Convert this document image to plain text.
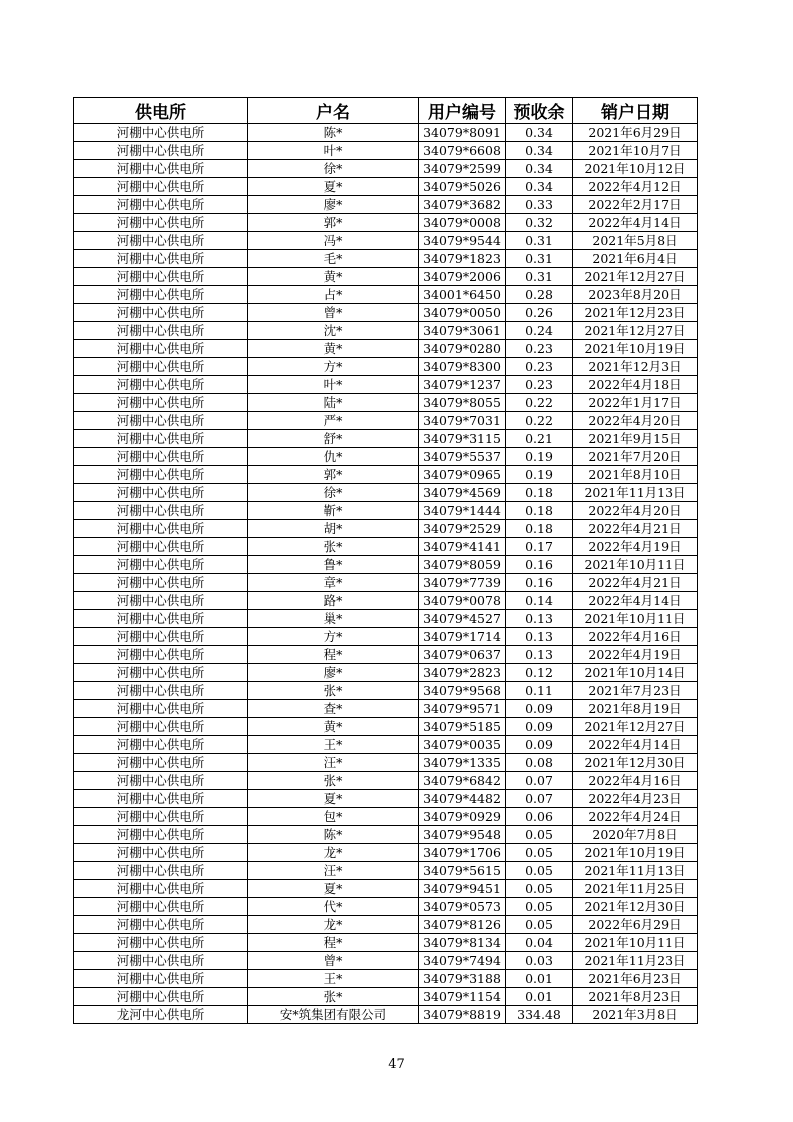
供电所	户名	用户编号	预收余	销户日期
河棚中心供电所	陈*	34079*8091	0.34	2021年6月29日
河棚中心供电所	叶*	34079*6608	0.34	2021年10月7日
河棚中心供电所	徐*	34079*2599	0.34	2021年10月12日
河棚中心供电所	夏*	34079*5026	0.34	2022年4月12日
河棚中心供电所	廖*	34079*3682	0.33	2022年2月17日
河棚中心供电所	郭*	34079*0008	0.32	2022年4月14日
河棚中心供电所	冯*	34079*9544	0.31	2021年5月8日
河棚中心供电所	毛*	34079*1823	0.31	2021年6月4日
河棚中心供电所	黄*	34079*2006	0.31	2021年12月27日
河棚中心供电所	占*	34001*6450	0.28	2023年8月20日
河棚中心供电所	曾*	34079*0050	0.26	2021年12月23日
河棚中心供电所	沈*	34079*3061	0.24	2021年12月27日
河棚中心供电所	黄*	34079*0280	0.23	2021年10月19日
河棚中心供电所	方*	34079*8300	0.23	2021年12月3日
河棚中心供电所	叶*	34079*1237	0.23	2022年4月18日
河棚中心供电所	陆*	34079*8055	0.22	2022年1月17日
河棚中心供电所	严*	34079*7031	0.22	2022年4月20日
河棚中心供电所	舒*	34079*3115	0.21	2021年9月15日
河棚中心供电所	仇*	34079*5537	0.19	2021年7月20日
河棚中心供电所	郭*	34079*0965	0.19	2021年8月10日
河棚中心供电所	徐*	34079*4569	0.18	2021年11月13日
河棚中心供电所	靳*	34079*1444	0.18	2022年4月20日
河棚中心供电所	胡*	34079*2529	0.18	2022年4月21日
河棚中心供电所	张*	34079*4141	0.17	2022年4月19日
河棚中心供电所	鲁*	34079*8059	0.16	2021年10月11日
河棚中心供电所	章*	34079*7739	0.16	2022年4月21日
河棚中心供电所	路*	34079*0078	0.14	2022年4月14日
河棚中心供电所	巢*	34079*4527	0.13	2021年10月11日
河棚中心供电所	方*	34079*1714	0.13	2022年4月16日
河棚中心供电所	程*	34079*0637	0.13	2022年4月19日
河棚中心供电所	廖*	34079*2823	0.12	2021年10月14日
河棚中心供电所	张*	34079*9568	0.11	2021年7月23日
河棚中心供电所	查*	34079*9571	0.09	2021年8月19日
河棚中心供电所	黄*	34079*5185	0.09	2021年12月27日
河棚中心供电所	王*	34079*0035	0.09	2022年4月14日
河棚中心供电所	汪*	34079*1335	0.08	2021年12月30日
河棚中心供电所	张*	34079*6842	0.07	2022年4月16日
河棚中心供电所	夏*	34079*4482	0.07	2022年4月23日
河棚中心供电所	包*	34079*0929	0.06	2022年4月24日
河棚中心供电所	陈*	34079*9548	0.05	2020年7月8日
河棚中心供电所	龙*	34079*1706	0.05	2021年10月19日
河棚中心供电所	汪*	34079*5615	0.05	2021年11月13日
河棚中心供电所	夏*	34079*9451	0.05	2021年11月25日
河棚中心供电所	代*	34079*0573	0.05	2021年12月30日
河棚中心供电所	龙*	34079*8126	0.05	2022年6月29日
河棚中心供电所	程*	34079*8134	0.04	2021年10月11日
河棚中心供电所	曾*	34079*7494	0.03	2021年11月23日
河棚中心供电所	王*	34079*3188	0.01	2021年6月23日
河棚中心供电所	张*	34079*1154	0.01	2021年8月23日
龙河中心供电所	安*筑集团有限公司	34079*8819	334.48	2021年3月8日
47
